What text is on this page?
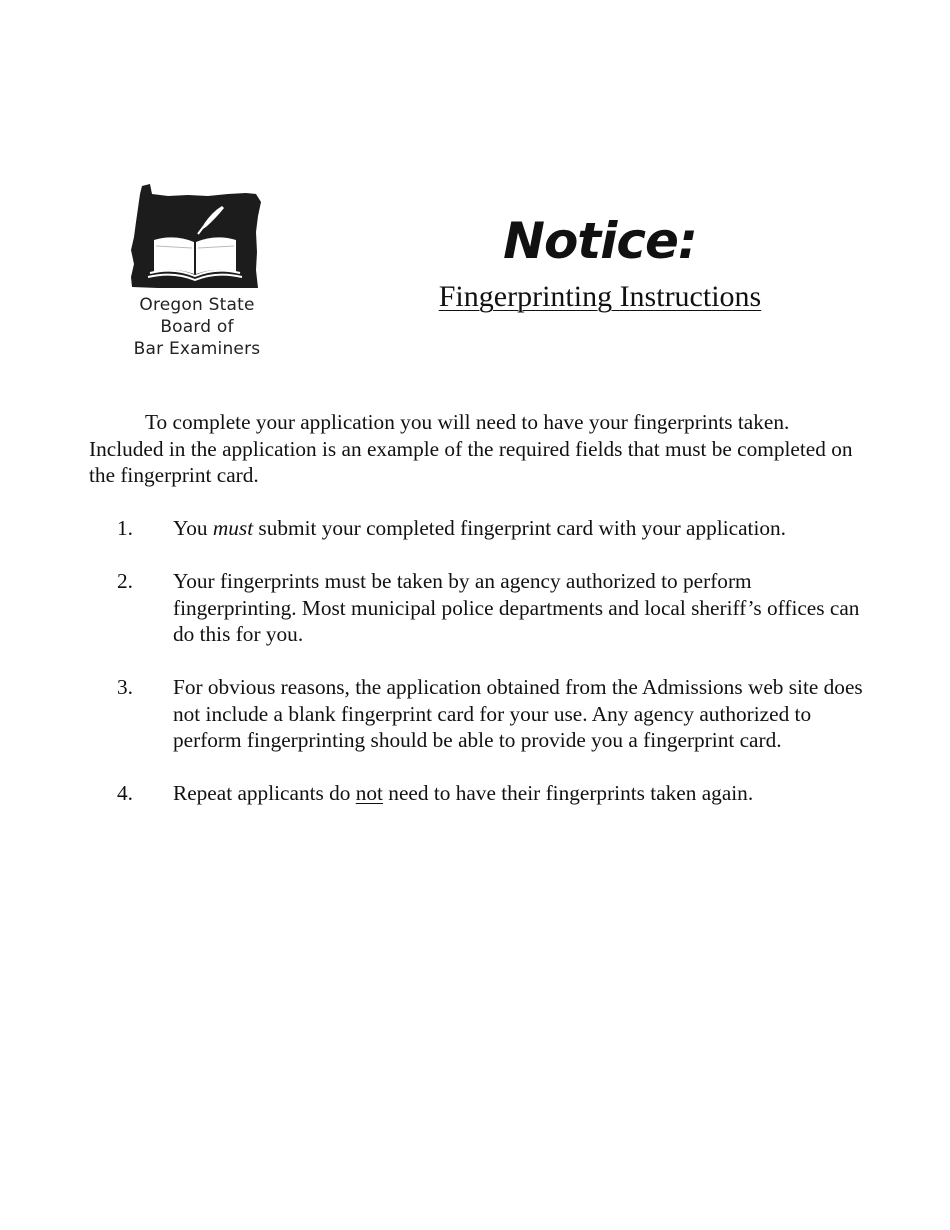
Oregon State
Board of
Bar Examiners
Notice:
Fingerprinting Instructions

To complete your application you will need to have your fingerprints taken. Included in the application is an example of the required fields that must be completed on the fingerprint card.

1. You must submit your completed fingerprint card with your application.
2. Your fingerprints must be taken by an agency authorized to perform fingerprinting. Most municipal police departments and local sheriff’s offices can do this for you.
3. For obvious reasons, the application obtained from the Admissions web site does not include a blank fingerprint card for your use. Any agency authorized to perform fingerprinting should be able to provide you a fingerprint card.
4. Repeat applicants do not need to have their fingerprints taken again.
